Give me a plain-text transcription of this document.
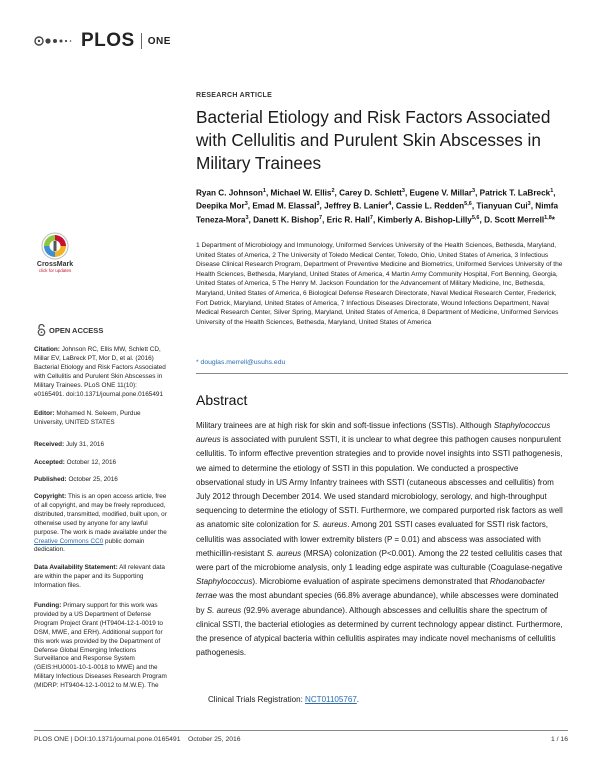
PLOS ONE
CrossMark
click for updates
OPEN ACCESS
Citation: Johnson RC, Ellis MW, Schlett CD, Millar EV, LaBreck PT, Mor D, et al. (2016) Bacterial Etiology and Risk Factors Associated with Cellulitis and Purulent Skin Abscesses in Military Trainees. PLoS ONE 11(10): e0165491. doi:10.1371/journal.pone.0165491
Editor: Mohamed N. Seleem, Purdue University, UNITED STATES
Received: July 31, 2016
Accepted: October 12, 2016
Published: October 25, 2016
Copyright: This is an open access article, free of all copyright, and may be freely reproduced, distributed, transmitted, modified, built upon, or otherwise used by anyone for any lawful purpose. The work is made available under the Creative Commons CC0 public domain dedication.
Data Availability Statement: All relevant data are within the paper and its Supporting Information files.
Funding: Primary support for this work was provided by a US Department of Defense Program Project Grant (HT9404-12-1-0019 to DSM, MWE, and ERH). Additional support for this work was provided by the Department of Defense Global Emerging Infections Surveillance and Response System (GEIS:HU0001-10-1-0018 to MWE) and the Military Infectious Diseases Research Program (MIDRP: HT9404-12-1-0012 to M.W.E). The
RESEARCH ARTICLE
Bacterial Etiology and Risk Factors Associated with Cellulitis and Purulent Skin Abscesses in Military Trainees
Ryan C. Johnson$^1$, Michael W. Ellis$^2$, Carey D. Schlett$^3$, Eugene V. Millar$^3$, Patrick T. LaBreck$^1$, Deepika Mor$^3$, Emad M. Elassal$^3$, Jeffrey B. Lanier$^4$, Cassie L. Redden$^{5,6}$, Tianyuan Cui$^3$, Nimfa Teneza-Mora$^3$, Danett K. Bishop$^7$, Eric R. Hall$^7$, Kimberly A. Bishop-Lilly$^{5,6}$, D. Scott Merrell$^{1,8}$*
1 Department of Microbiology and Immunology, Uniformed Services University of the Health Sciences, Bethesda, Maryland, United States of America, 2 The University of Toledo Medical Center, Toledo, Ohio, United States of America, 3 Infectious Disease Clinical Research Program, Department of Preventive Medicine and Biometrics, Uniformed Services University of the Health Sciences, Bethesda, Maryland, United States of America, 4 Martin Army Community Hospital, Fort Benning, Georgia, United States of America, 5 The Henry M. Jackson Foundation for the Advancement of Military Medicine, Inc, Bethesda, Maryland, United States of America, 6 Biological Defense Research Directorate, Naval Medical Research Center, Frederick, Fort Detrick, Maryland, United States of America, 7 Infectious Diseases Directorate, Wound Infections Department, Naval Medical Research Center, Silver Spring, Maryland, United States of America, 8 Department of Medicine, Uniformed Services University of the Health Sciences, Bethesda, Maryland, United States of America
* douglas.merrell@usuhs.edu
Abstract
Military trainees are at high risk for skin and soft-tissue infections (SSTIs). Although Staphylococcus aureus is associated with purulent SSTI, it is unclear to what degree this pathogen causes nonpurulent cellulitis. To inform effective prevention strategies and to provide novel insights into SSTI pathogenesis, we aimed to determine the etiology of SSTI in this population. We conducted a prospective observational study in US Army Infantry trainees with SSTI (cutaneous abscesses and cellulitis) from July 2012 through December 2014. We used standard microbiology, serology, and high-throughput sequencing to determine the etiology of SSTI. Furthermore, we compared purported risk factors as well as anatomic site colonization for S. aureus. Among 201 SSTI cases evaluated for SSTI risk factors, cellulitis was associated with lower extremity blisters (P = 0.01) and abscess was associated with methicillin-resistant S. aureus (MRSA) colonization (P<0.001). Among the 22 tested cellulitis cases that were part of the microbiome analysis, only 1 leading edge aspirate was culturable (Coagulase-negative Staphylococcus). Microbiome evaluation of aspirate specimens demonstrated that Rhodanobacter terrae was the most abundant species (66.8% average abundance), while abscesses were dominated by S. aureus (92.9% average abundance). Although abscesses and cellulitis share the spectrum of clinical SSTI, the bacterial etiologies as determined by current technology appear distinct. Furthermore, the presence of atypical bacteria within cellulitis aspirates may indicate novel mechanisms of cellulitis pathogenesis.
Clinical Trials Registration: NCT01105767.
PLOS ONE | DOI:10.1371/journal.pone.0165491    October 25, 2016	1 / 16
